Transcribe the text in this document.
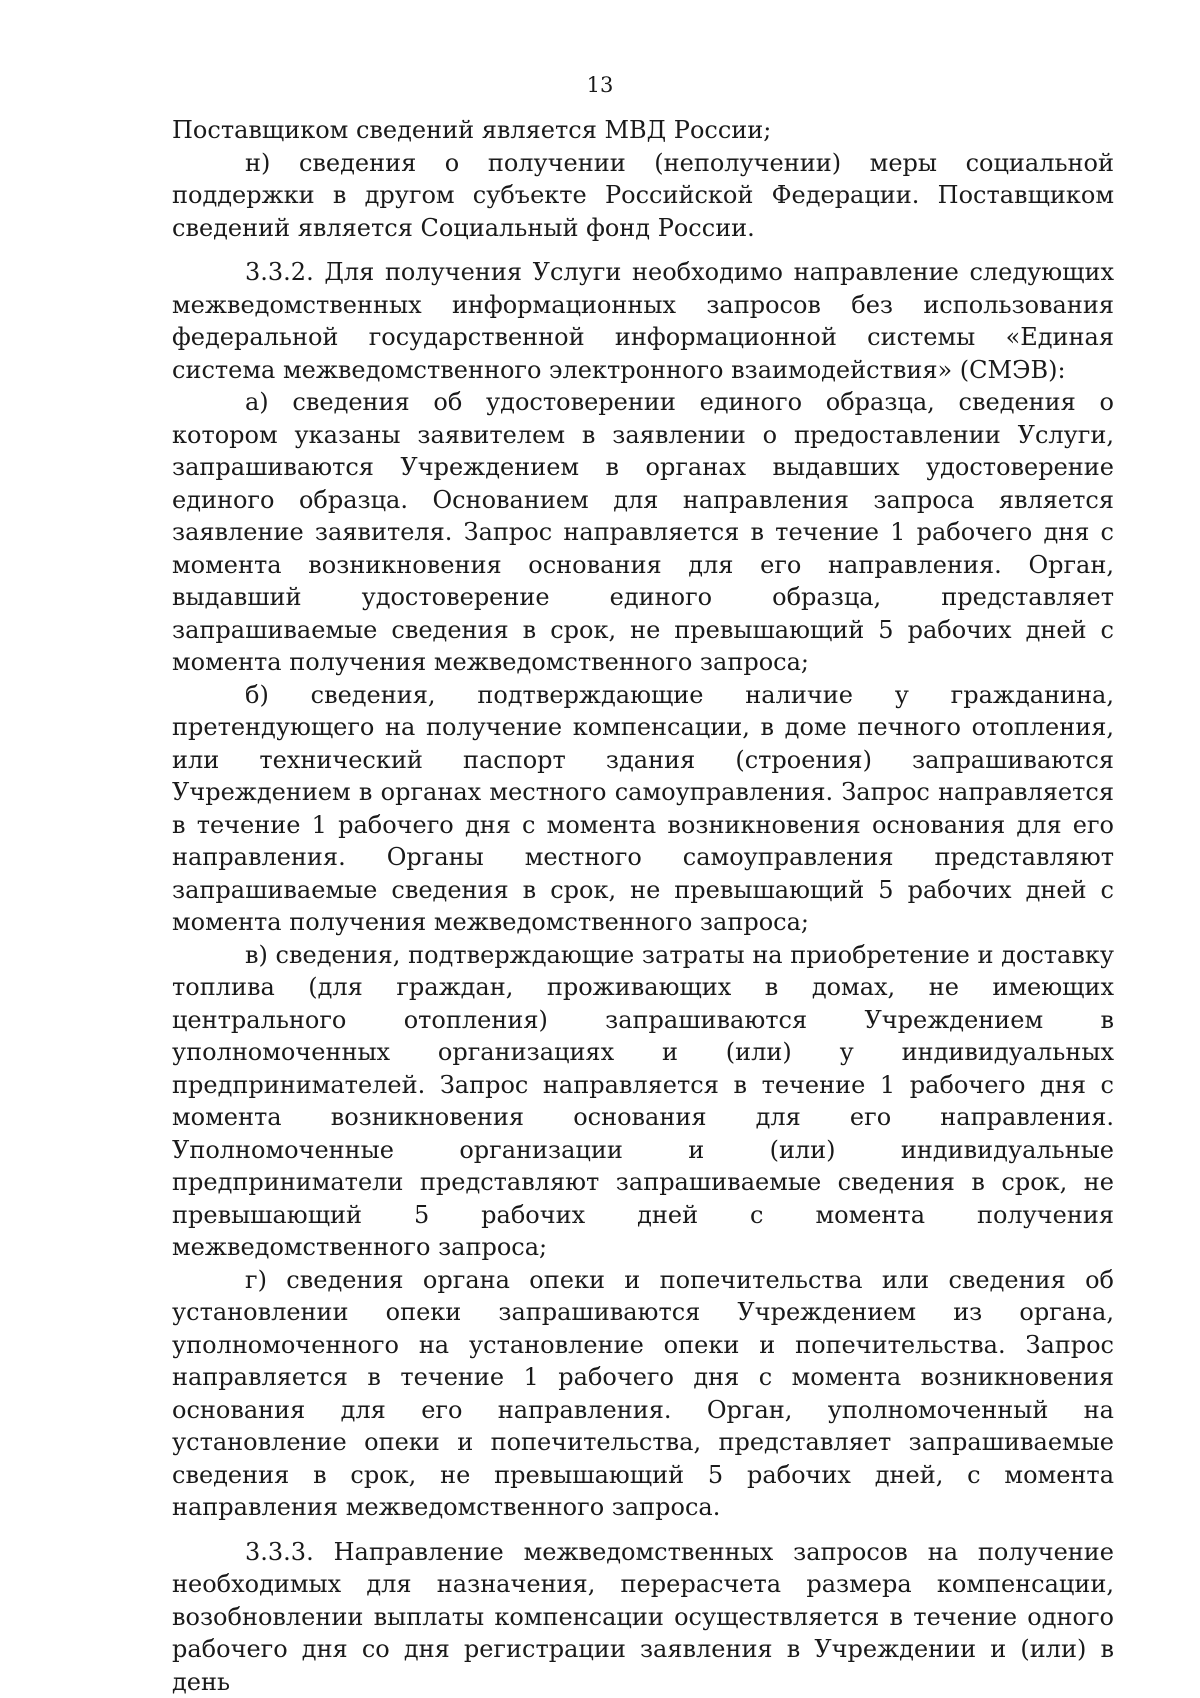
13

Поставщиком сведений является МВД России;

н) сведения о получении (неполучении) меры социальной поддержки в другом субъекте Российской Федерации. Поставщиком сведений является Социальный фонд России.

3.3.2. Для получения Услуги необходимо направление следующих межведомственных информационных запросов без использования федеральной государственной информационной системы «Единая система межведомственного электронного взаимодействия» (СМЭВ):

а) сведения об удостоверении единого образца, сведения о котором указаны заявителем в заявлении о предоставлении Услуги, запрашиваются Учреждением в органах выдавших удостоверение единого образца. Основанием для направления запроса является заявление заявителя. Запрос направляется в течение 1 рабочего дня с момента возникновения основания для его направления. Орган, выдавший удостоверение единого образца, представляет запрашиваемые сведения в срок, не превышающий 5 рабочих дней с момента получения межведомственного запроса;

б) сведения, подтверждающие наличие у гражданина, претендующего на получение компенсации, в доме печного отопления, или технический паспорт здания (строения) запрашиваются Учреждением в органах местного самоуправления. Запрос направляется в течение 1 рабочего дня с момента возникновения основания для его направления. Органы местного самоуправления представляют запрашиваемые сведения в срок, не превышающий 5 рабочих дней с момента получения межведомственного запроса;

в) сведения, подтверждающие затраты на приобретение и доставку топлива (для граждан, проживающих в домах, не имеющих центрального отопления) запрашиваются Учреждением в уполномоченных организациях и (или) у индивидуальных предпринимателей. Запрос направляется в течение 1 рабочего дня с момента возникновения основания для его направления. Уполномоченные организации и (или) индивидуальные предприниматели представляют запрашиваемые сведения в срок, не превышающий 5 рабочих дней с момента получения межведомственного запроса;

г) сведения органа опеки и попечительства или сведения об установлении опеки запрашиваются Учреждением из органа, уполномоченного на установление опеки и попечительства. Запрос направляется в течение 1 рабочего дня с момента возникновения основания для его направления. Орган, уполномоченный на установление опеки и попечительства, представляет запрашиваемые сведения в срок, не превышающий 5 рабочих дней, с момента направления межведомственного запроса.

3.3.3. Направление межведомственных запросов на получение необходимых для назначения, перерасчета размера компенсации, возобновлении выплаты компенсации осуществляется в течение одного рабочего дня со дня регистрации заявления в Учреждении и (или) в день
